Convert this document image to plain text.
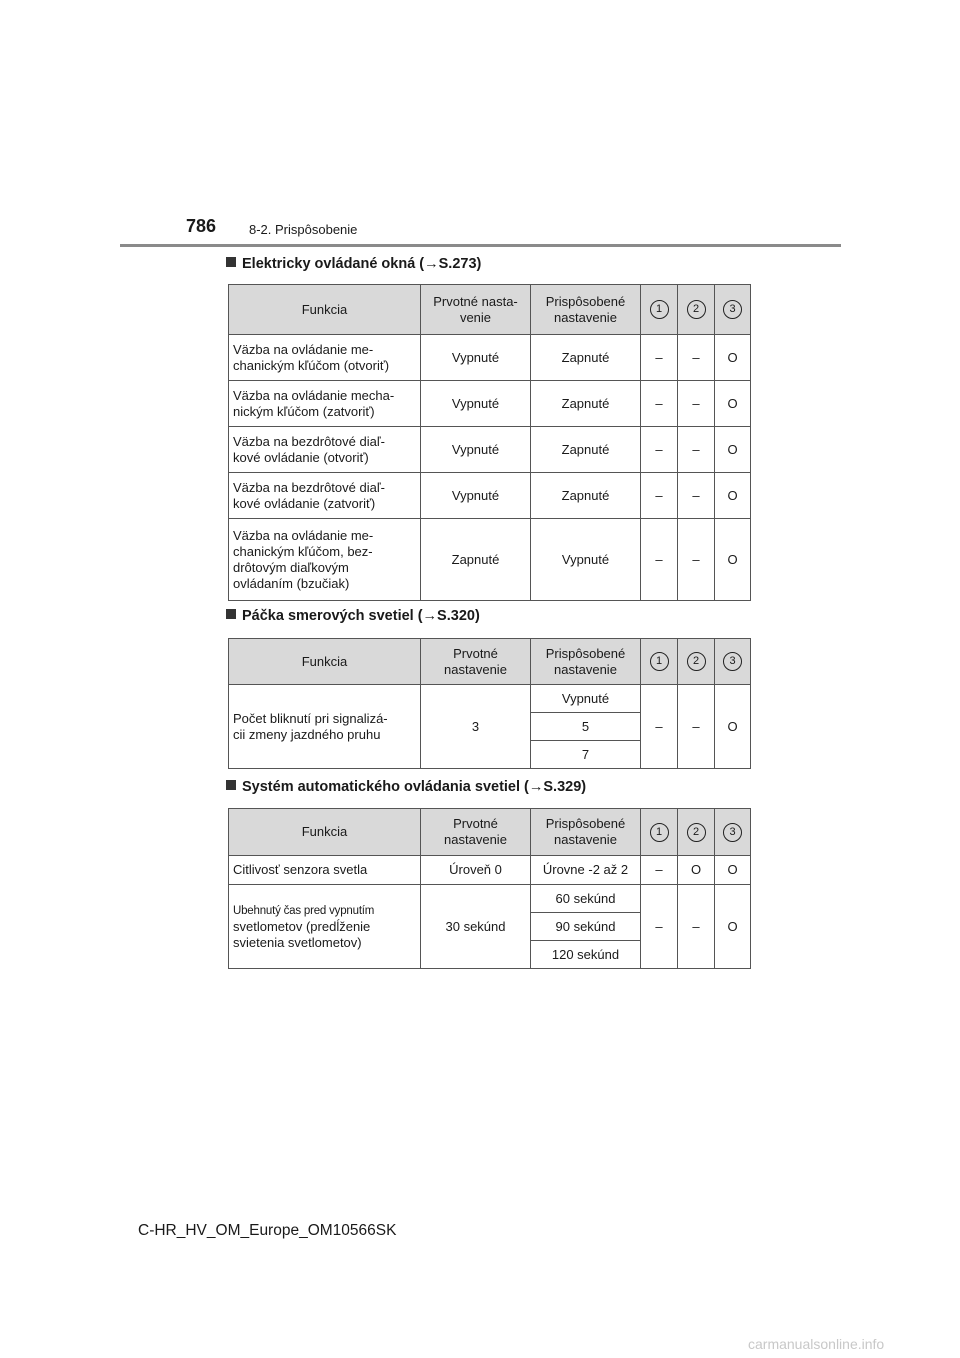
786	8-2. Prispôsobenie
Elektricky ovládané okná (→S.273)
Funkcia	Prvotné nasta-
venie	Prispôsobené
nastavenie	1	2	3
Väzba na ovládanie me-
chanickým kľúčom (otvoriť)	Vypnuté	Zapnuté	–	–	O
Väzba na ovládanie mecha-
nickým kľúčom (zatvoriť)	Vypnuté	Zapnuté	–	–	O
Väzba na bezdrôtové diaľ-
kové ovládanie (otvoriť)	Vypnuté	Zapnuté	–	–	O
Väzba na bezdrôtové diaľ-
kové ovládanie (zatvoriť)	Vypnuté	Zapnuté	–	–	O
Väzba na ovládanie me-
chanickým kľúčom, bez-
drôtovým diaľkovým
ovládaním (bzučiak)	Zapnuté	Vypnuté	–	–	O
Páčka smerových svetiel (→S.320)
Funkcia	Prvotné
nastavenie	Prispôsobené
nastavenie	1	2	3
Počet bliknutí pri signalizá-
cii zmeny jazdného pruhu	3	Vypnuté	–	–	O
		5			
		7			
Systém automatického ovládania svetiel (→S.329)
Funkcia	Prvotné
nastavenie	Prispôsobené
nastavenie	1	2	3
Citlivosť senzora svetla	Úroveň 0	Úrovne -2 až 2	–	O	O
Ubehnutý čas pred vypnutím
svetlometov (predĺženie
svietenia svetlometov)	30 sekúnd	60 sekúnd	–	–	O
		90 sekúnd			
		120 sekúnd			
C-HR_HV_OM_Europe_OM10566SK
carmanualsonline.info
